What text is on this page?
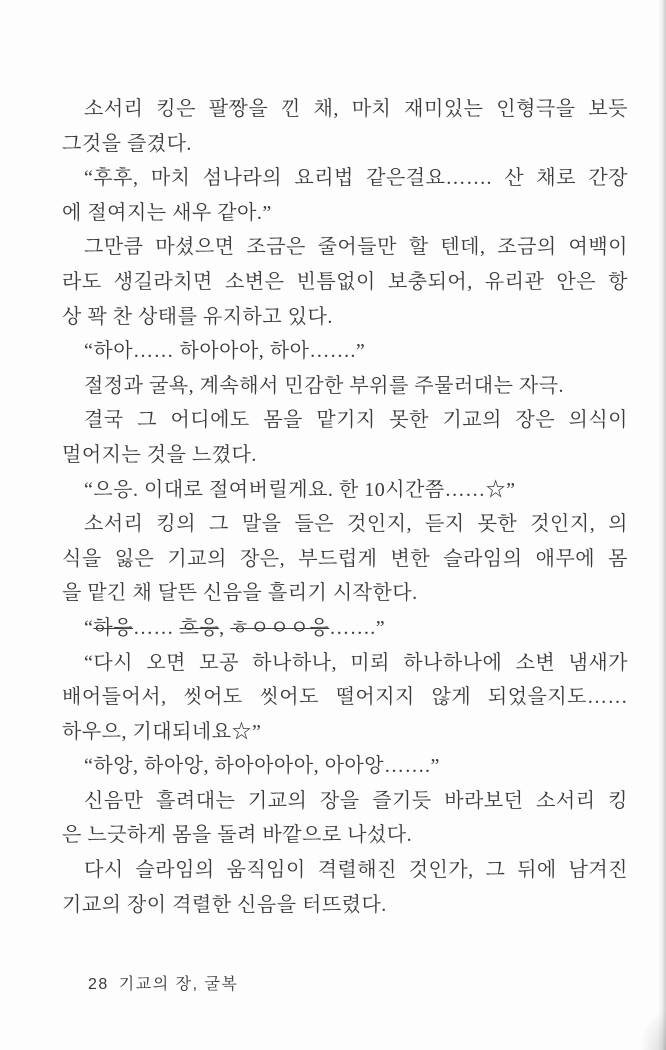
소서리 킹은 팔짱을 낀 채, 마치 재미있는 인형극을 보듯
그것을 즐겼다.
“후후, 마치 섬나라의 요리법 같은걸요……. 산 채로 간장
에 절여지는 새우 같아.”
그만큼 마셨으면 조금은 줄어들만 할 텐데, 조금의 여백이
라도 생길라치면 소변은 빈틈없이 보충되어, 유리관 안은 항
상 꽉 찬 상태를 유지하고 있다.
“하아…… 하아아아, 하아…….”
절정과 굴욕, 계속해서 민감한 부위를 주물러대는 자극.
결국 그 어디에도 몸을 맡기지 못한 기교의 장은 의식이
멀어지는 것을 느꼈다.
“으응. 이대로 절여버릴게요. 한 10시간쯤……☆”
소서리 킹의 그 말을 들은 것인지, 듣지 못한 것인지, 의
식을 잃은 기교의 장은, 부드럽게 변한 슬라임의 애무에 몸
을 맡긴 채 달뜬 신음을 흘리기 시작한다.
“하응…… 흐응, ㅎㅇㅇㅇ응…….”
“다시 오면 모공 하나하나, 미뢰 하나하나에 소변 냄새가
배어들어서, 씻어도 씻어도 떨어지지 않게 되었을지도……
하우으, 기대되네요☆”
“하앙, 하아앙, 하아아아아, 아아앙…….”
신음만 흘려대는 기교의 장을 즐기듯 바라보던 소서리 킹
은 느긋하게 몸을 돌려 바깥으로 나섰다.
다시 슬라임의 움직임이 격렬해진 것인가, 그 뒤에 남겨진
기교의 장이 격렬한 신음을 터뜨렸다.
28 기교의 장, 굴복
